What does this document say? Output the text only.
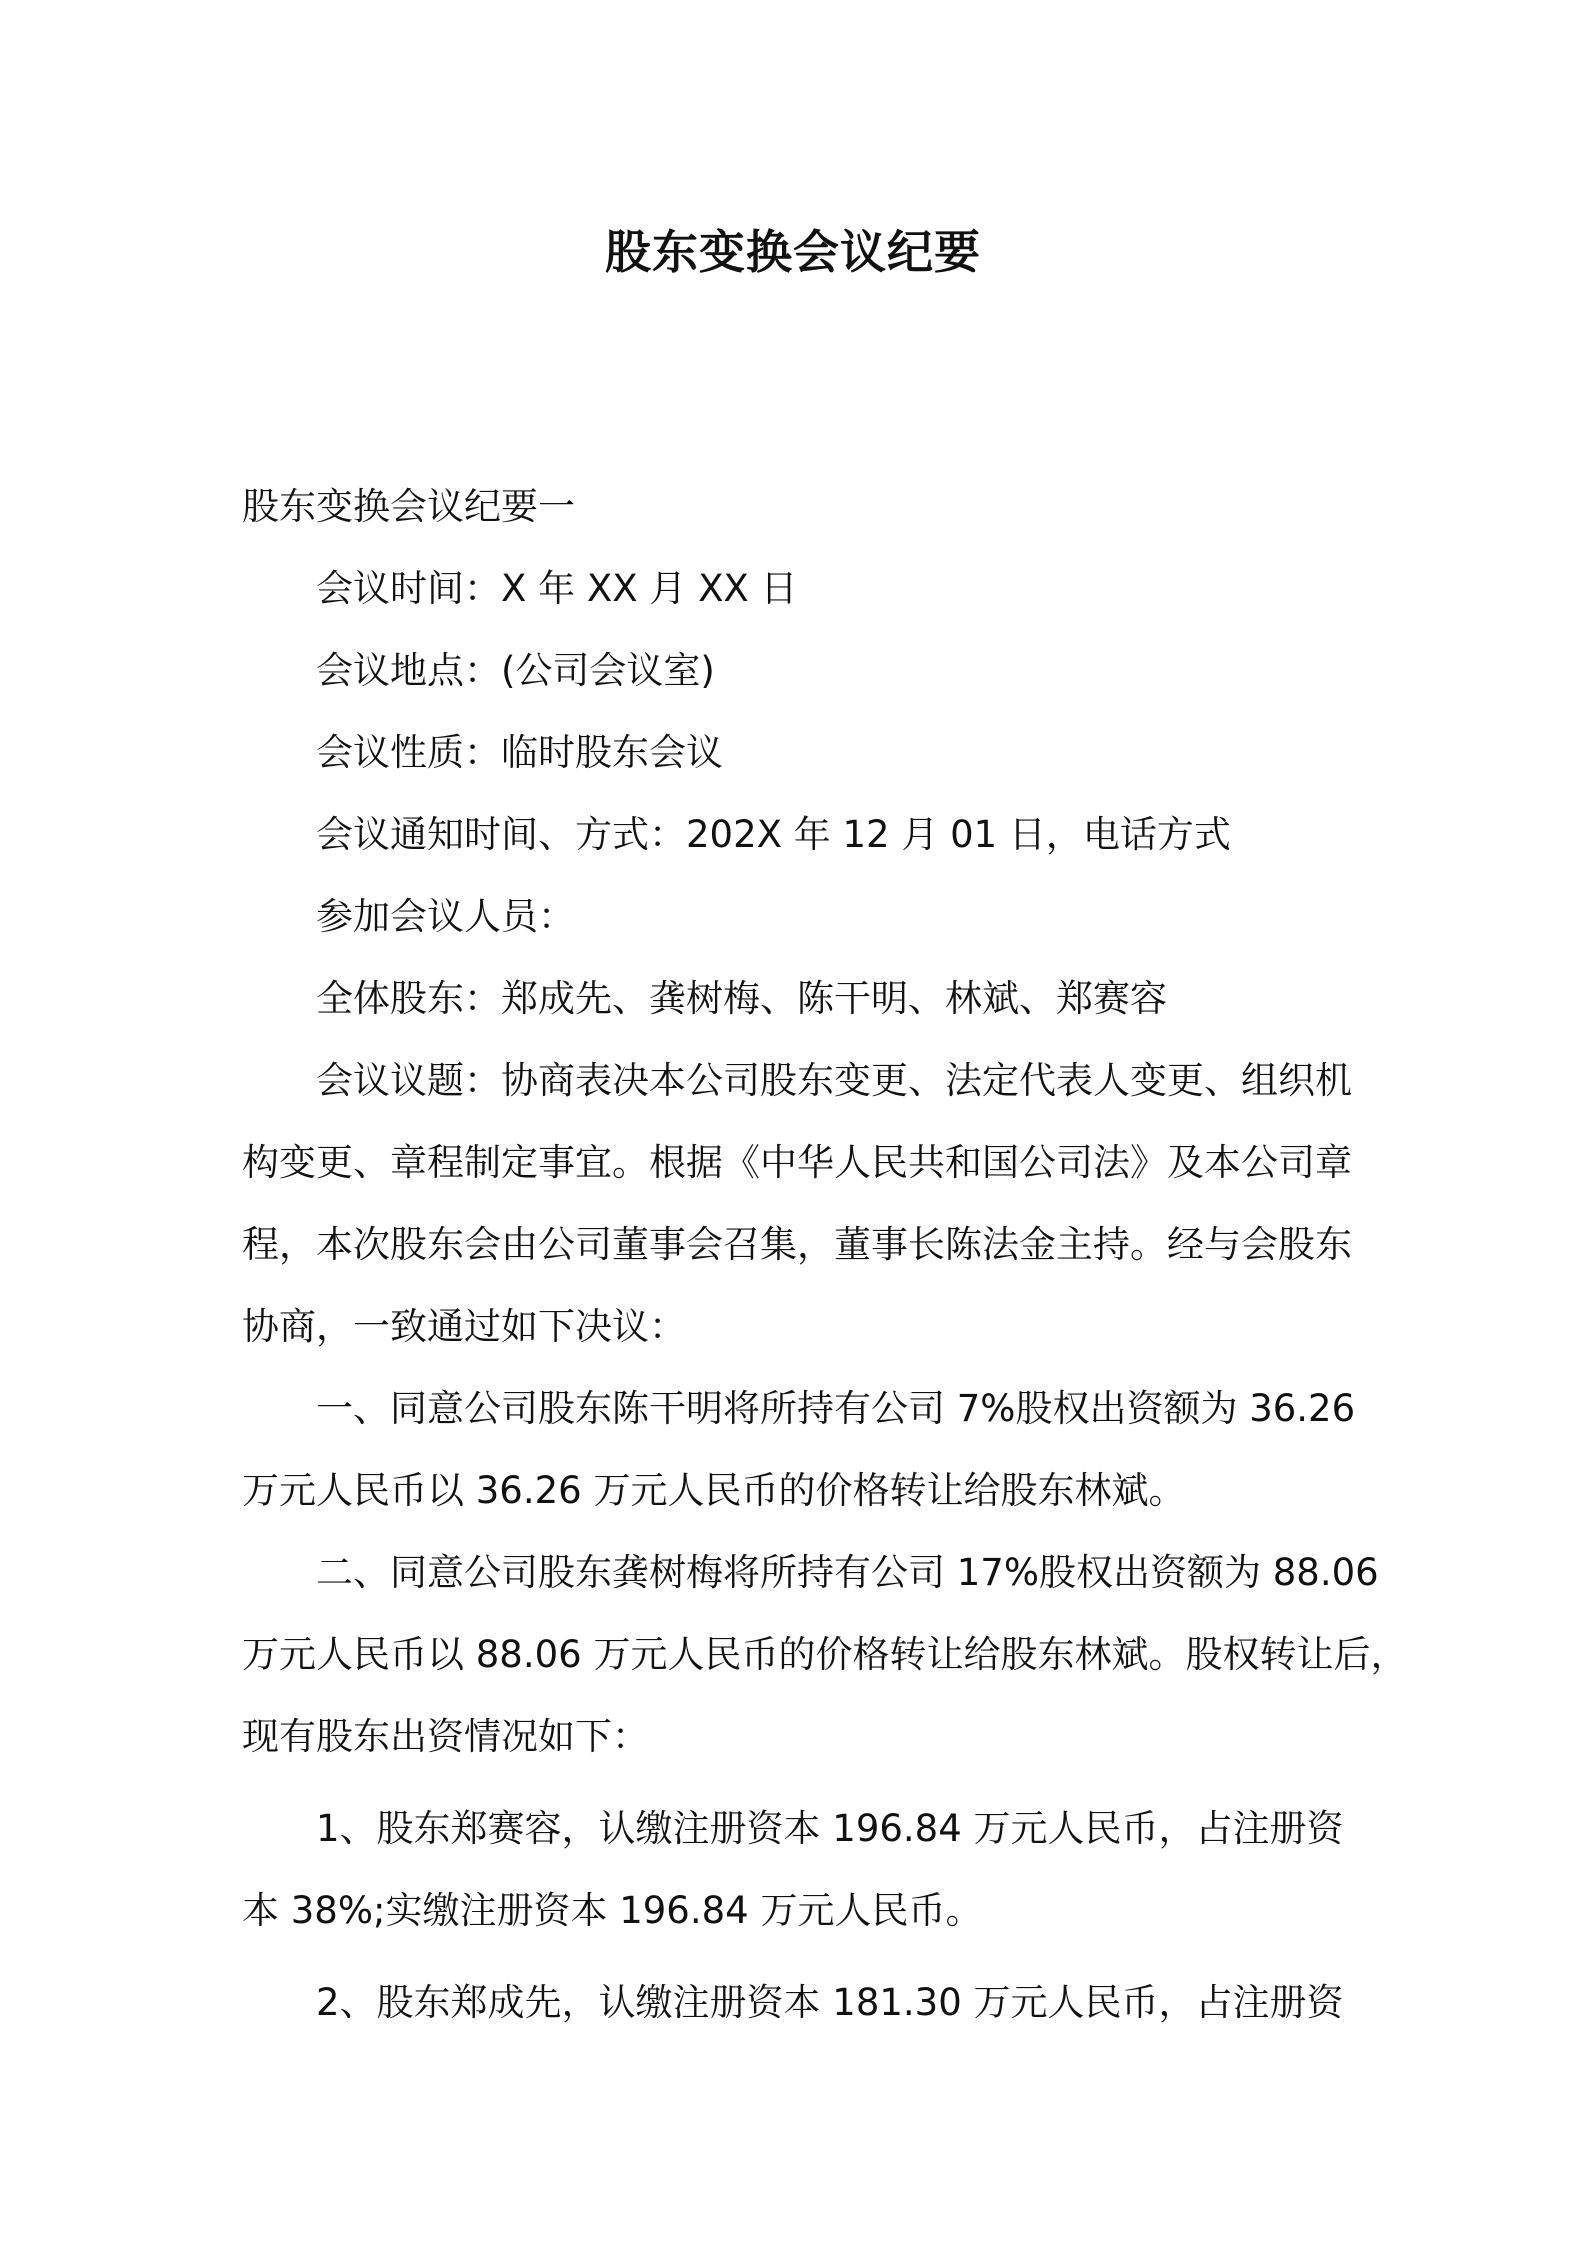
股东变换会议纪要
股东变换会议纪要一
会议时间：X 年 XX 月 XX 日
会议地点：(公司会议室)
会议性质：临时股东会议
会议通知时间、方式：202X 年 12 月 01 日，电话方式
参加会议人员：
全体股东：郑成先、龚树梅、陈干明、林斌、郑赛容
会议议题：协商表决本公司股东变更、法定代表人变更、组织机
构变更、章程制定事宜。根据《中华人民共和国公司法》及本公司章
程，本次股东会由公司董事会召集，董事长陈法金主持。经与会股东
协商，一致通过如下决议：
一、同意公司股东陈干明将所持有公司 7%股权出资额为 36.26
万元人民币以 36.26 万元人民币的价格转让给股东林斌。
二、同意公司股东龚树梅将所持有公司 17%股权出资额为 88.06
万元人民币以 88.06 万元人民币的价格转让给股东林斌。股权转让后，
现有股东出资情况如下：
1、股东郑赛容，认缴注册资本 196.84 万元人民币，占注册资
本 38%;实缴注册资本 196.84 万元人民币。
2、股东郑成先，认缴注册资本 181.30 万元人民币，占注册资
